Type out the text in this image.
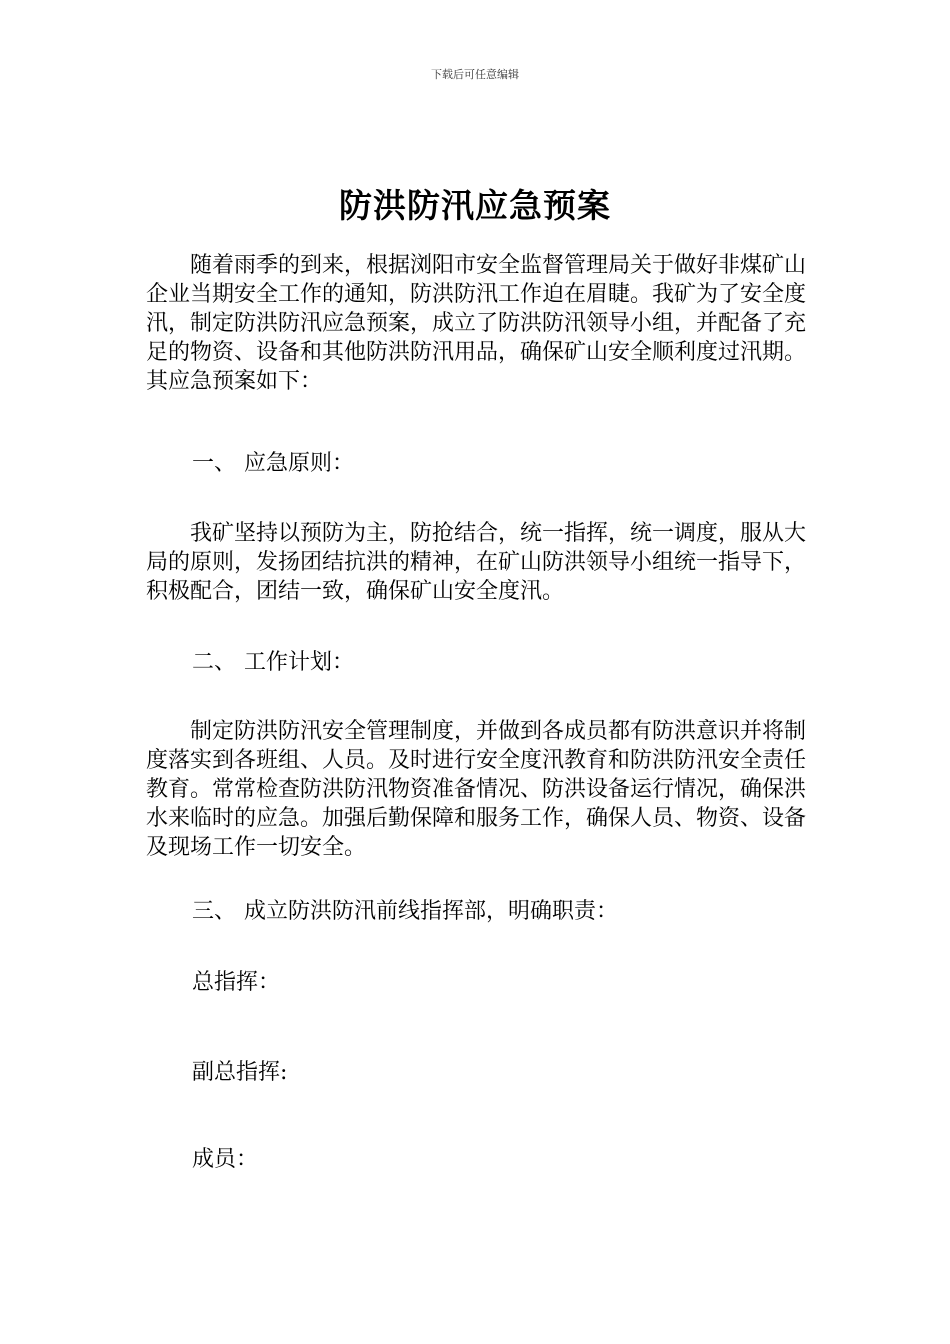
下载后可任意编辑
防洪防汛应急预案

随着雨季的到来，根据浏阳市安全监督管理局关于做好非煤矿山企业当期安全工作的通知，防洪防汛工作迫在眉睫。我矿为了安全度汛，制定防洪防汛应急预案，成立了防洪防汛领导小组，并配备了充足的物资、设备和其他防洪防汛用品，确保矿山安全顺利度过汛期。其应急预案如下：

一、 应急原则：

我矿坚持以预防为主，防抢结合，统一指挥，统一调度，服从大局的原则，发扬团结抗洪的精神，在矿山防洪领导小组统一指导下，积极配合，团结一致，确保矿山安全度汛。

二、 工作计划：

制定防洪防汛安全管理制度，并做到各成员都有防洪意识并将制度落实到各班组、人员。及时进行安全度汛教育和防洪防汛安全责任教育。常常检查防洪防汛物资准备情况、防洪设备运行情况，确保洪水来临时的应急。加强后勤保障和服务工作，确保人员、物资、设备及现场工作一切安全。

三、 成立防洪防汛前线指挥部，明确职责：
总指挥：
副总指挥:
成员：
